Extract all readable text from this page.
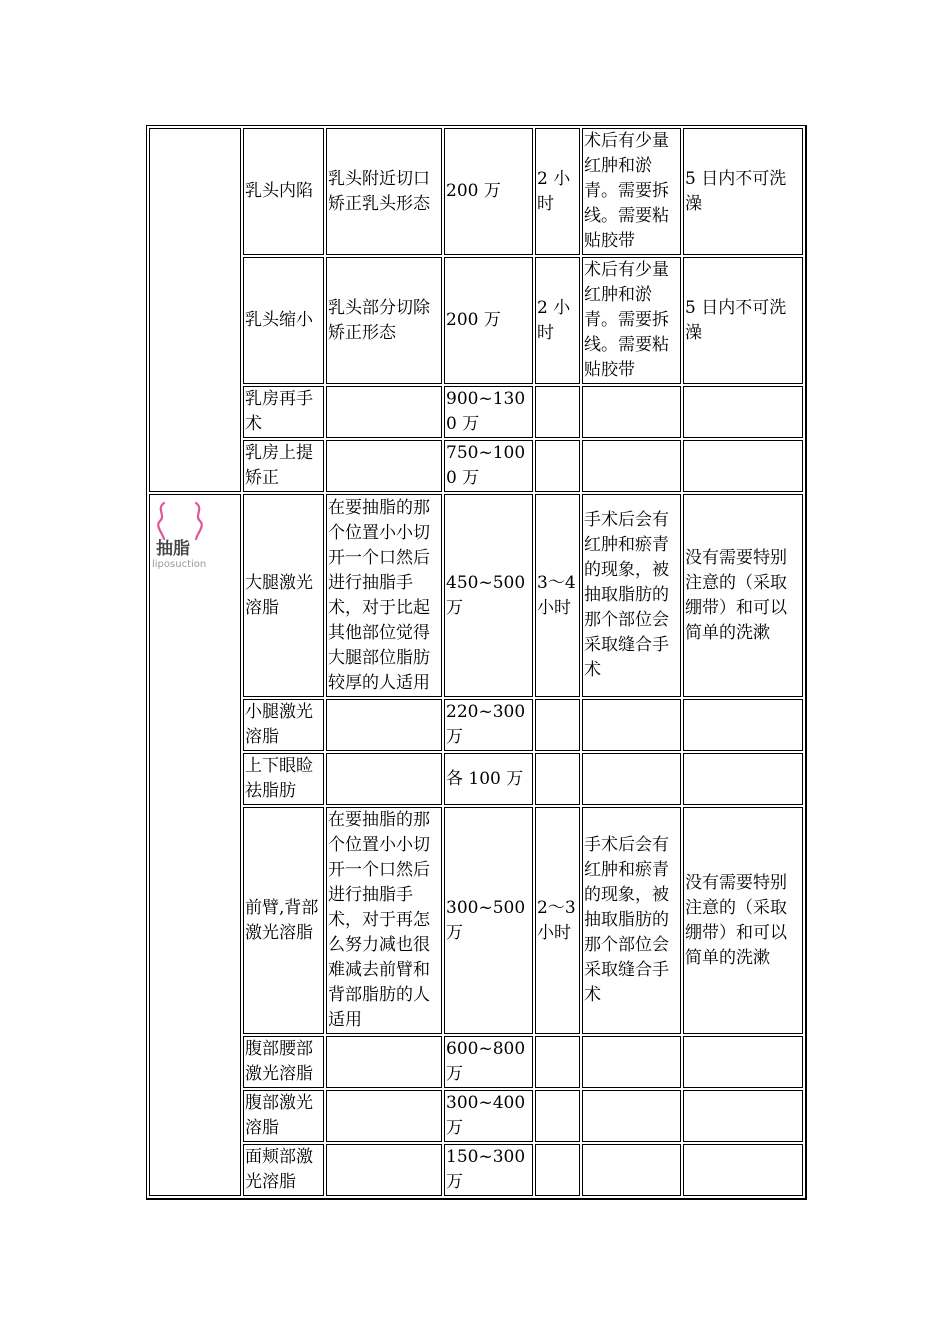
	乳头内陷	乳头附近切口矫正乳头形态	200 万	2 小时	术后有少量红肿和淤青。需要拆线。需要粘贴胶带	5 日内不可洗澡
	乳头缩小	乳头部分切除矫正形态	200 万	2 小时	术后有少量红肿和淤青。需要拆线。需要粘贴胶带	5 日内不可洗澡
	乳房再手术		900~1300 万			
	乳房上提矫正		750~1000 万			

抽脂
liposuction	大腿激光溶脂	在要抽脂的那个位置小小切开一个口然后进行抽脂手术，对于比起其他部位觉得大腿部位脂肪较厚的人适用	450~500 万	3～4 小时	手术后会有红肿和瘀青的现象，被抽取脂肪的那个部位会采取缝合手术	没有需要特别注意的（采取绷带）和可以简单的洗漱
	小腿激光溶脂		220~300 万			
	上下眼睑祛脂肪		各 100 万			
	前臂,背部激光溶脂	在要抽脂的那个位置小小切开一个口然后进行抽脂手术，对于再怎么努力减也很难减去前臂和背部脂肪的人适用	300~500 万	2～3 小时	手术后会有红肿和瘀青的现象，被抽取脂肪的那个部位会采取缝合手术	没有需要特别注意的（采取绷带）和可以简单的洗漱
	腹部腰部激光溶脂		600~800 万			
	腹部激光溶脂		300~400 万			
	面颊部激光溶脂		150~300 万			
